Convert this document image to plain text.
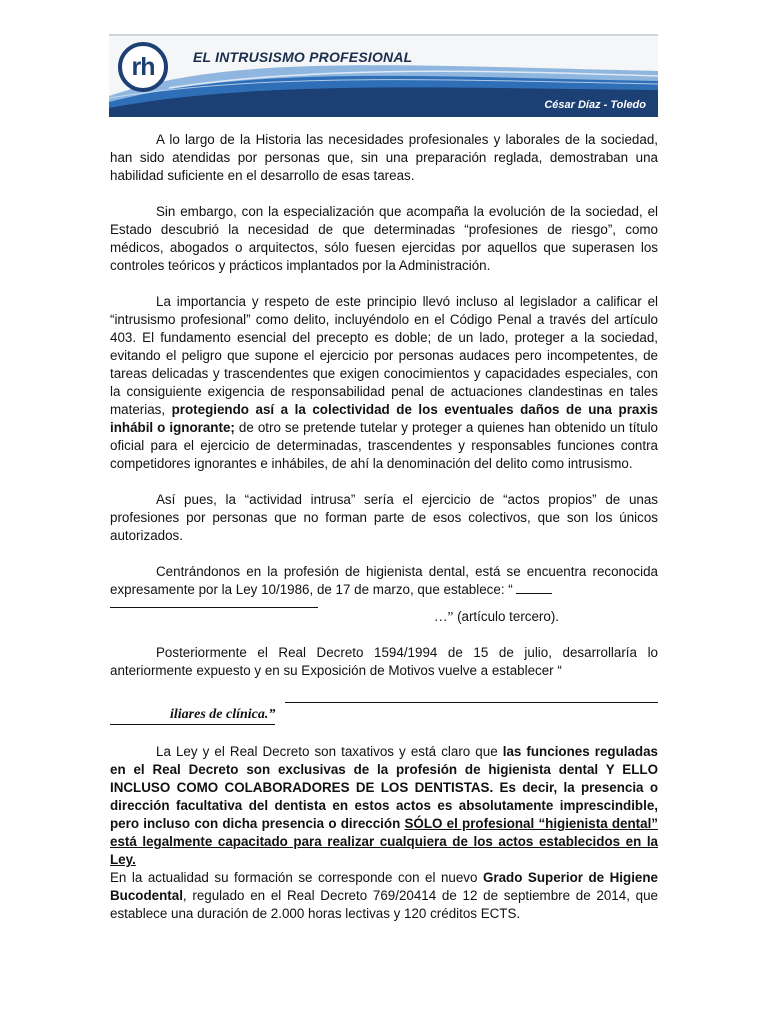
rh	EL INTRUSISMO PROFESIONAL
César Díaz - Toledo

A lo largo de la Historia las necesidades profesionales y laborales de la sociedad, han sido atendidas por personas que, sin una preparación reglada, demostraban una habilidad suficiente en el desarrollo de esas tareas.

Sin embargo, con la especialización que acompaña la evolución de la sociedad, el Estado descubrió la necesidad de que determinadas “profesiones de riesgo”, como médicos, abogados o arquitectos, sólo fuesen ejercidas por aquellos que superasen los controles teóricos y prácticos implantados por la Administración.

La importancia y respeto de este principio llevó incluso al legislador a calificar el “intrusismo profesional” como delito, incluyéndolo en el Código Penal a través del artículo 403. El fundamento esencial del precepto es doble; de un lado, proteger a la sociedad, evitando el peligro que supone el ejercicio por personas audaces pero incompetentes, de tareas delicadas y trascendentes que exigen conocimientos y capacidades especiales, con la consiguiente exigencia de responsabilidad penal de actuaciones clandestinas en tales materias, protegiendo así a la colectividad de los eventuales daños de una praxis inhábil o ignorante; de otro se pretende tutelar y proteger a quienes han obtenido un título oficial para el ejercicio de determinadas, trascendentes y responsables funciones contra competidores ignorantes e inhábiles, de ahí la denominación del delito como intrusismo.

Así pues, la “actividad intrusa” sería el ejercicio de “actos propios” de unas profesiones por personas que no forman parte de esos colectivos, que son los únicos autorizados.

Centrándonos en la profesión de higienista dental, está se encuentra reconocida expresamente por la Ley 10/1986, de 17 de marzo, que establece: “

…” (artículo tercero).

Posteriormente el Real Decreto 1594/1994 de 15 de julio, desarrollaría lo anteriormente expuesto y en su Exposición de Motivos vuelve a establecer “

iliares de clínica.”

La Ley y el Real Decreto son taxativos y está claro que las funciones reguladas en el Real Decreto son exclusivas de la profesión de higienista dental Y ELLO INCLUSO COMO COLABORADORES DE LOS DENTISTAS. Es decir, la presencia o dirección facultativa del dentista en estos actos es absolutamente imprescindible, pero incluso con dicha presencia o dirección SÓLO el profesional “higienista dental” está legalmente capacitado para realizar cualquiera de los actos establecidos en la Ley.

En la actualidad su formación se corresponde con el nuevo Grado Superior de Higiene Bucodental, regulado en el Real Decreto 769/20414 de 12 de septiembre de 2014, que establece una duración de 2.000 horas lectivas y 120 créditos ECTS.
